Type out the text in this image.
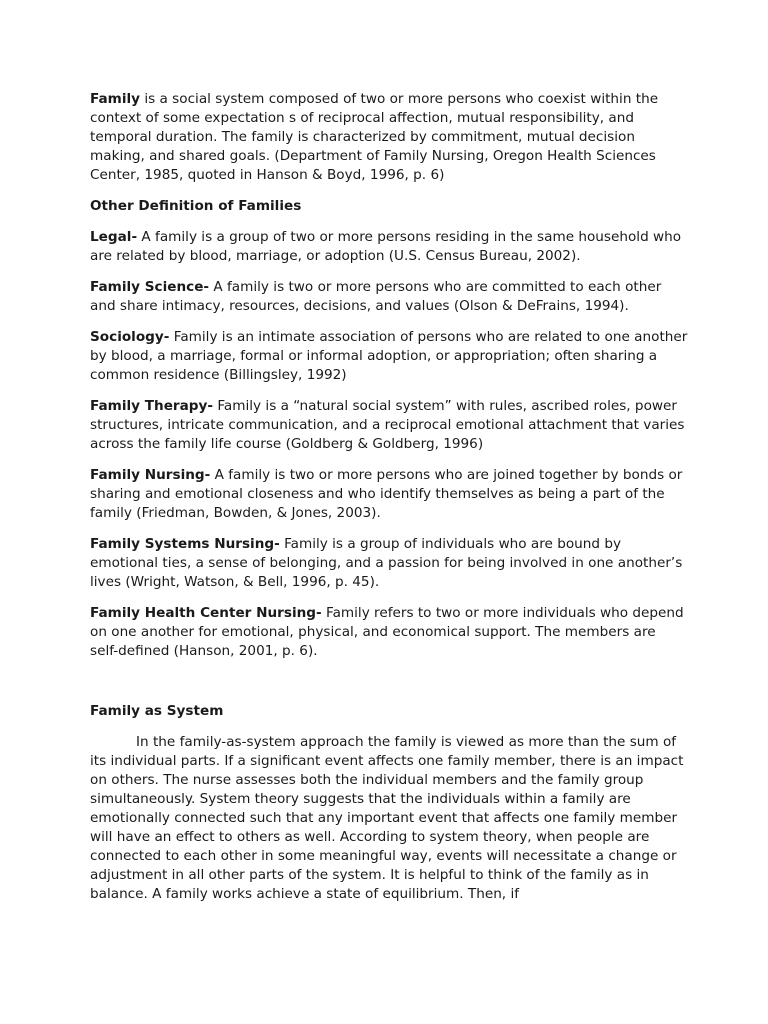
Family is a social system composed of two or more persons who coexist within the context of some expectation s of reciprocal affection, mutual responsibility, and temporal duration. The family is characterized by commitment, mutual decision making, and shared goals. (Department of Family Nursing, Oregon Health Sciences Center, 1985, quoted in Hanson & Boyd, 1996, p. 6)

Other Definition of Families

Legal- A family is a group of two or more persons residing in the same household who are related by blood, marriage, or adoption (U.S. Census Bureau, 2002).

Family Science- A family is two or more persons who are committed to each other and share intimacy, resources, decisions, and values (Olson & DeFrains, 1994).

Sociology- Family is an intimate association of persons who are related to one another by blood, a marriage, formal or informal adoption, or appropriation; often sharing a common residence (Billingsley, 1992)

Family Therapy- Family is a “natural social system” with rules, ascribed roles, power structures, intricate communication, and a reciprocal emotional attachment that varies across the family life course (Goldberg & Goldberg, 1996)

Family Nursing- A family is two or more persons who are joined together by bonds or sharing and emotional closeness and who identify themselves as being a part of the family (Friedman, Bowden, & Jones, 2003).

Family Systems Nursing- Family is a group of individuals who are bound by emotional ties, a sense of belonging, and a passion for being involved in one another’s lives (Wright, Watson, & Bell, 1996, p. 45).

Family Health Center Nursing- Family refers to two or more individuals who depend on one another for emotional, physical, and economical support. The members are self-defined (Hanson, 2001, p. 6).

Family as System

In the family-as-system approach the family is viewed as more than the sum of its individual parts. If a significant event affects one family member, there is an impact on others. The nurse assesses both the individual members and the family group simultaneously. System theory suggests that the individuals within a family are emotionally connected such that any important event that affects one family member will have an effect to others as well. According to system theory, when people are connected to each other in some meaningful way, events will necessitate a change or adjustment in all other parts of the system. It is helpful to think of the family as in balance. A family works achieve a state of equilibrium. Then, if
